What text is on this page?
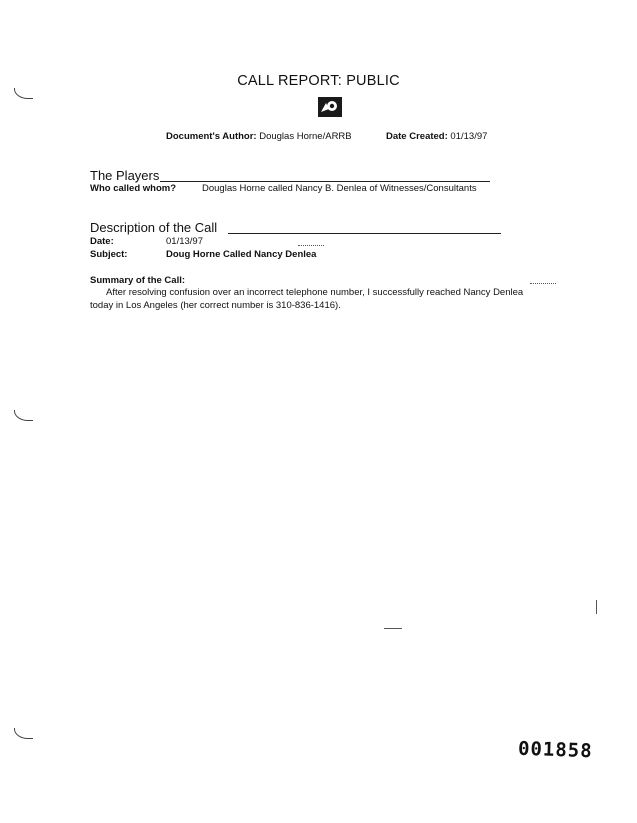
CALL REPORT: PUBLIC
Document's Author: Douglas Horne/ARRB	Date Created: 01/13/97
The Players
Who called whom?	Douglas Horne called Nancy B. Denlea of Witnesses/Consultants
Description of the Call
Date:	01/13/97
Subject:	Doug Horne Called Nancy Denlea
Summary of the Call:
After resolving confusion over an incorrect telephone number, I successfully reached Nancy Denlea
today in Los Angeles (her correct number is 310-836-1416).
001858
